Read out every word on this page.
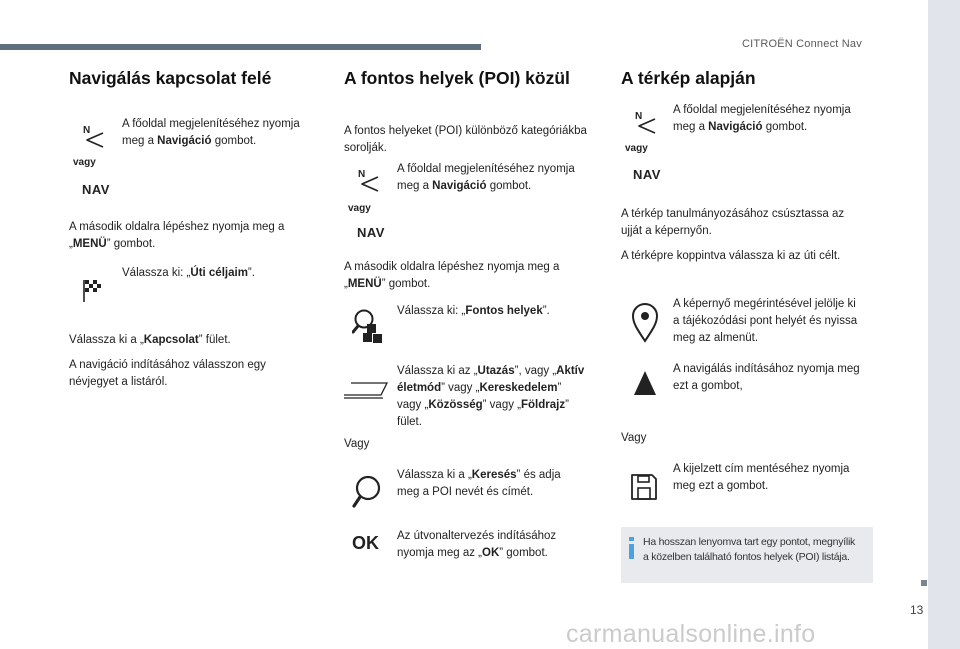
CITROËN Connect Nav
13
Navigálás kapcsolat felé
N
vagy
NAV
A főoldal megjelenítéséhez nyomja
meg a Navigáció gombot.
A második oldalra lépéshez nyomja meg a
„MENÜ” gombot.
Válassza ki: „Úti céljaim”.
Válassza ki a „Kapcsolat” fület.
A navigáció indításához válasszon egy
névjegyet a listáról.
A fontos helyek (POI) közül
A fontos helyeket (POI) különböző kategóriákba
sorolják.
N
vagy
NAV
A főoldal megjelenítéséhez nyomja
meg a Navigáció gombot.
A második oldalra lépéshez nyomja meg a
„MENÜ” gombot.
Válassza ki: „Fontos helyek”.
Válassza ki az „Utazás”, vagy „Aktív
életmód” vagy „Kereskedelem”
vagy „Közösség” vagy „Földrajz”
fület.
Vagy
Válassza ki a „Keresés” és adja
meg a POI nevét és címét.
OK Az útvonaltervezés indításához
nyomja meg az „OK” gombot.
A térkép alapján
N
vagy
NAV
A főoldal megjelenítéséhez nyomja
meg a Navigáció gombot.
A térkép tanulmányozásához csúsztassa az
ujját a képernyőn.
A térképre koppintva válassza ki az úti célt.
A képernyő megérintésével jelölje ki
a tájékozódási pont helyét és nyissa
meg az almenüt.
A navigálás indításához nyomja meg
ezt a gombot,
Vagy
A kijelzett cím mentéséhez nyomja
meg ezt a gombot.
Ha hosszan lenyomva tart egy pontot, megnyílik
a közelben található fontos helyek (POI) listája.
carmanualsonline.info
